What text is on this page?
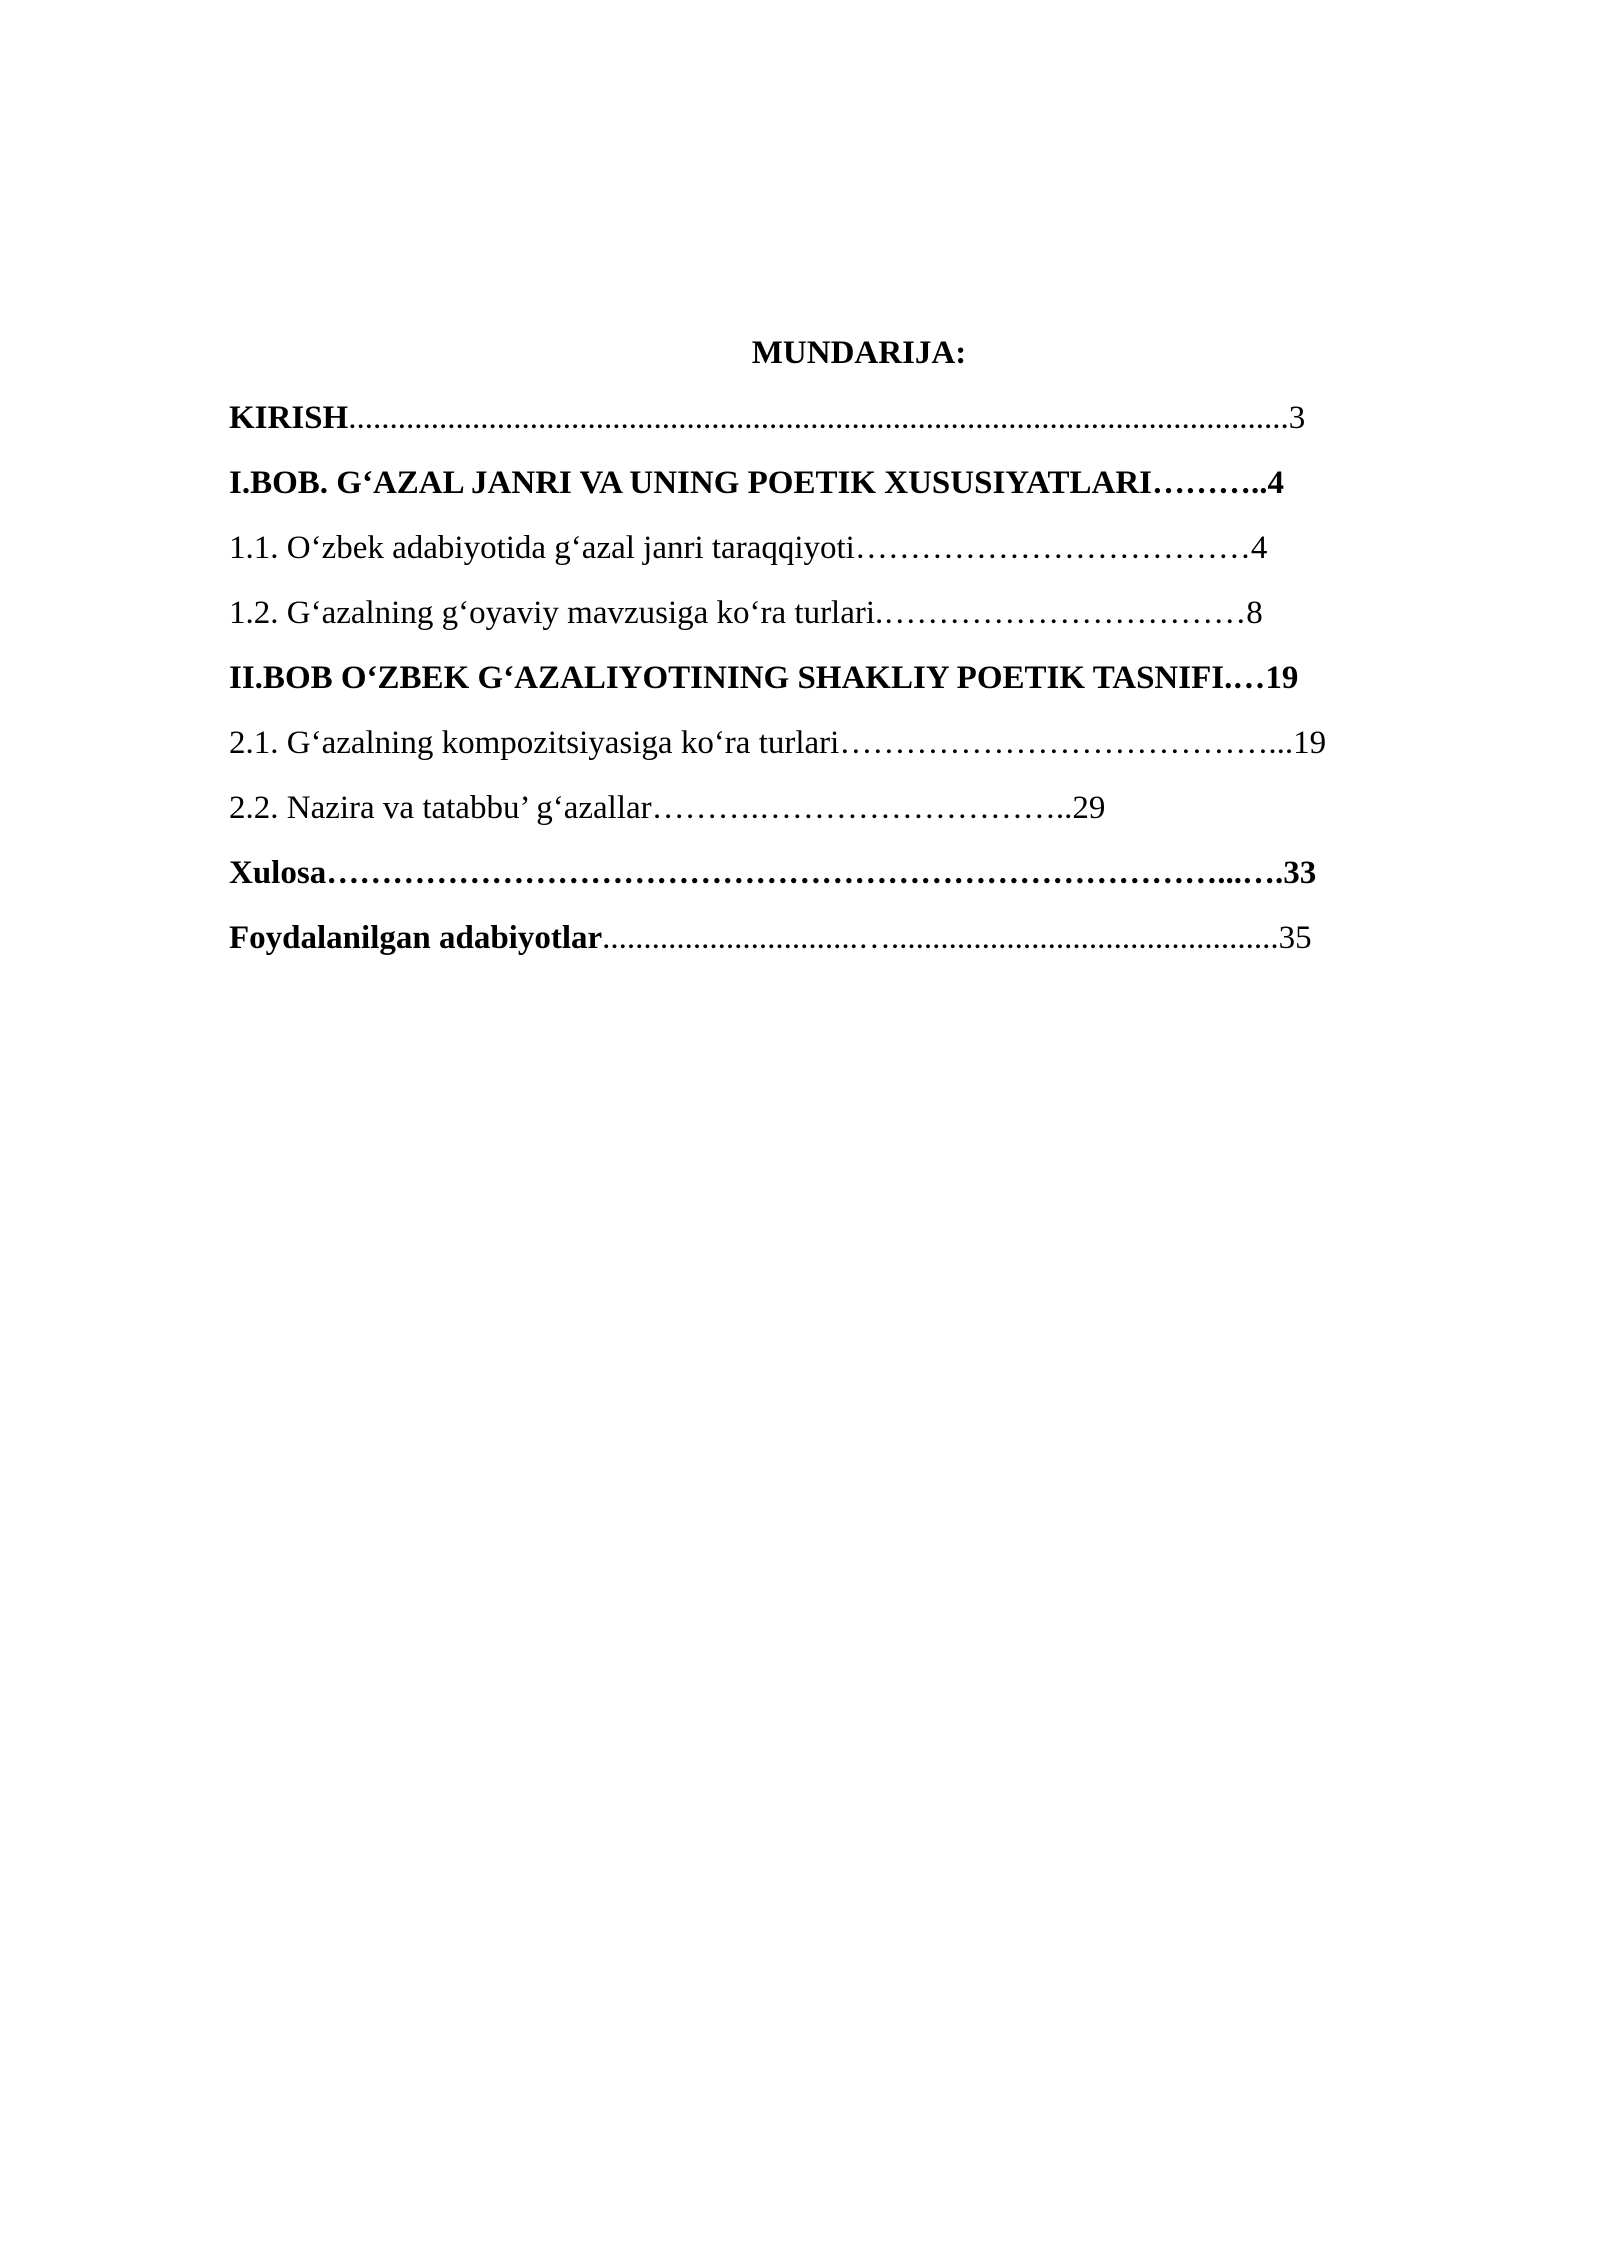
MUNDARIJA:
KIRISH..................................................................................................................3
I.BOB. G‘AZAL JANRI VA UNING POETIK XUSUSIYATLARI………..4
1.1. O‘zbek adabiyotida g‘azal janri taraqqiyoti………………………………4
1.2. G‘azalning g‘oyaviy mavzusiga ko‘ra turlari.……………………………8
II.BOB O‘ZBEK G‘AZALIYOTINING SHAKLIY POETIK TASNIFI.…19
2.1. G‘azalning kompozitsiyasiga ko‘ra turlari…………………………………...19
2.2. Nazira va tatabbu’ g‘azallar……….………………………..29
Xulosa………………………………………………………………………...….33
Foydalanilgan adabiyotlar...............................…...............................................35
